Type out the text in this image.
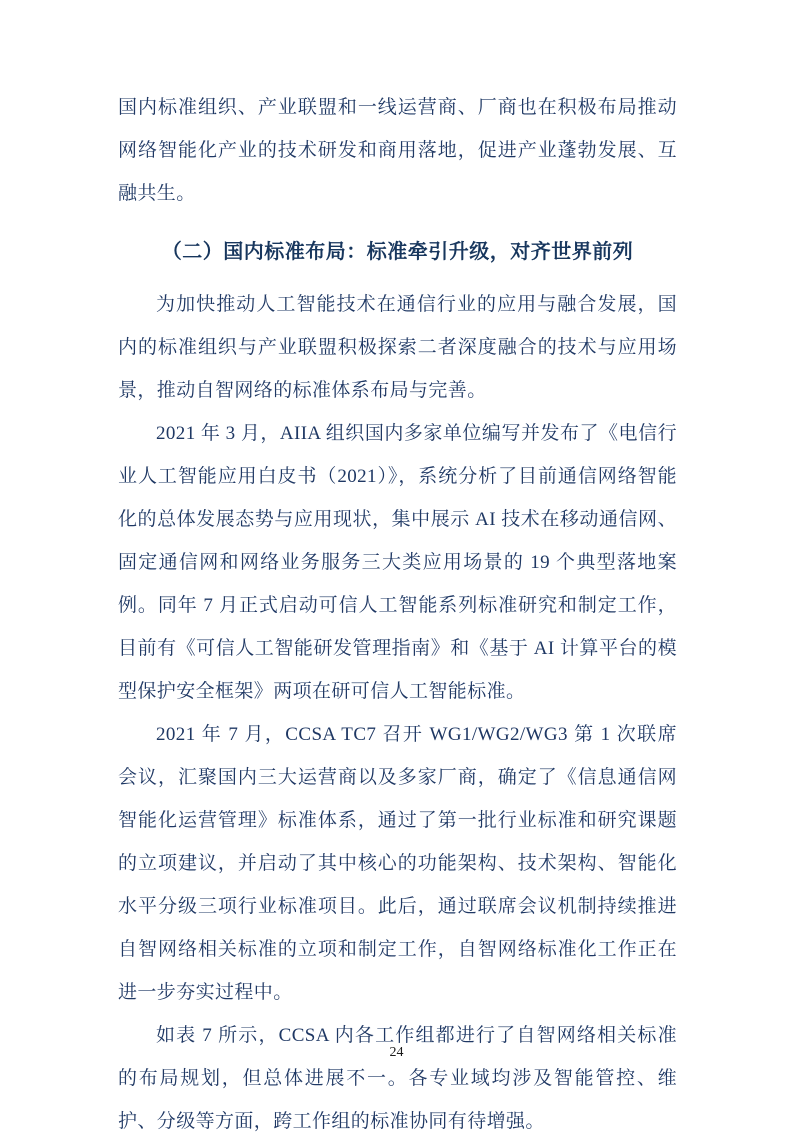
国内标准组织、产业联盟和一线运营商、厂商也在积极布局推动网络智能化产业的技术研发和商用落地，促进产业蓬勃发展、互融共生。

（二）国内标准布局：标准牵引升级，对齐世界前列

为加快推动人工智能技术在通信行业的应用与融合发展，国内的标准组织与产业联盟积极探索二者深度融合的技术与应用场景，推动自智网络的标准体系布局与完善。

2021 年 3 月，AIIA 组织国内多家单位编写并发布了《电信行业人工智能应用白皮书（2021）》，系统分析了目前通信网络智能化的总体发展态势与应用现状，集中展示 AI 技术在移动通信网、固定通信网和网络业务服务三大类应用场景的 19 个典型落地案例。同年 7 月正式启动可信人工智能系列标准研究和制定工作，目前有《可信人工智能研发管理指南》和《基于 AI 计算平台的模型保护安全框架》两项在研可信人工智能标准。

2021 年 7 月，CCSA TC7 召开 WG1/WG2/WG3 第 1 次联席会议，汇聚国内三大运营商以及多家厂商，确定了《信息通信网智能化运营管理》标准体系，通过了第一批行业标准和研究课题的立项建议，并启动了其中核心的功能架构、技术架构、智能化水平分级三项行业标准项目。此后，通过联席会议机制持续推进自智网络相关标准的立项和制定工作，自智网络标准化工作正在进一步夯实过程中。

如表 7 所示，CCSA 内各工作组都进行了自智网络相关标准的布局规划，但总体进展不一。各专业域均涉及智能管控、维护、分级等方面，跨工作组的标准协同有待增强。

24
